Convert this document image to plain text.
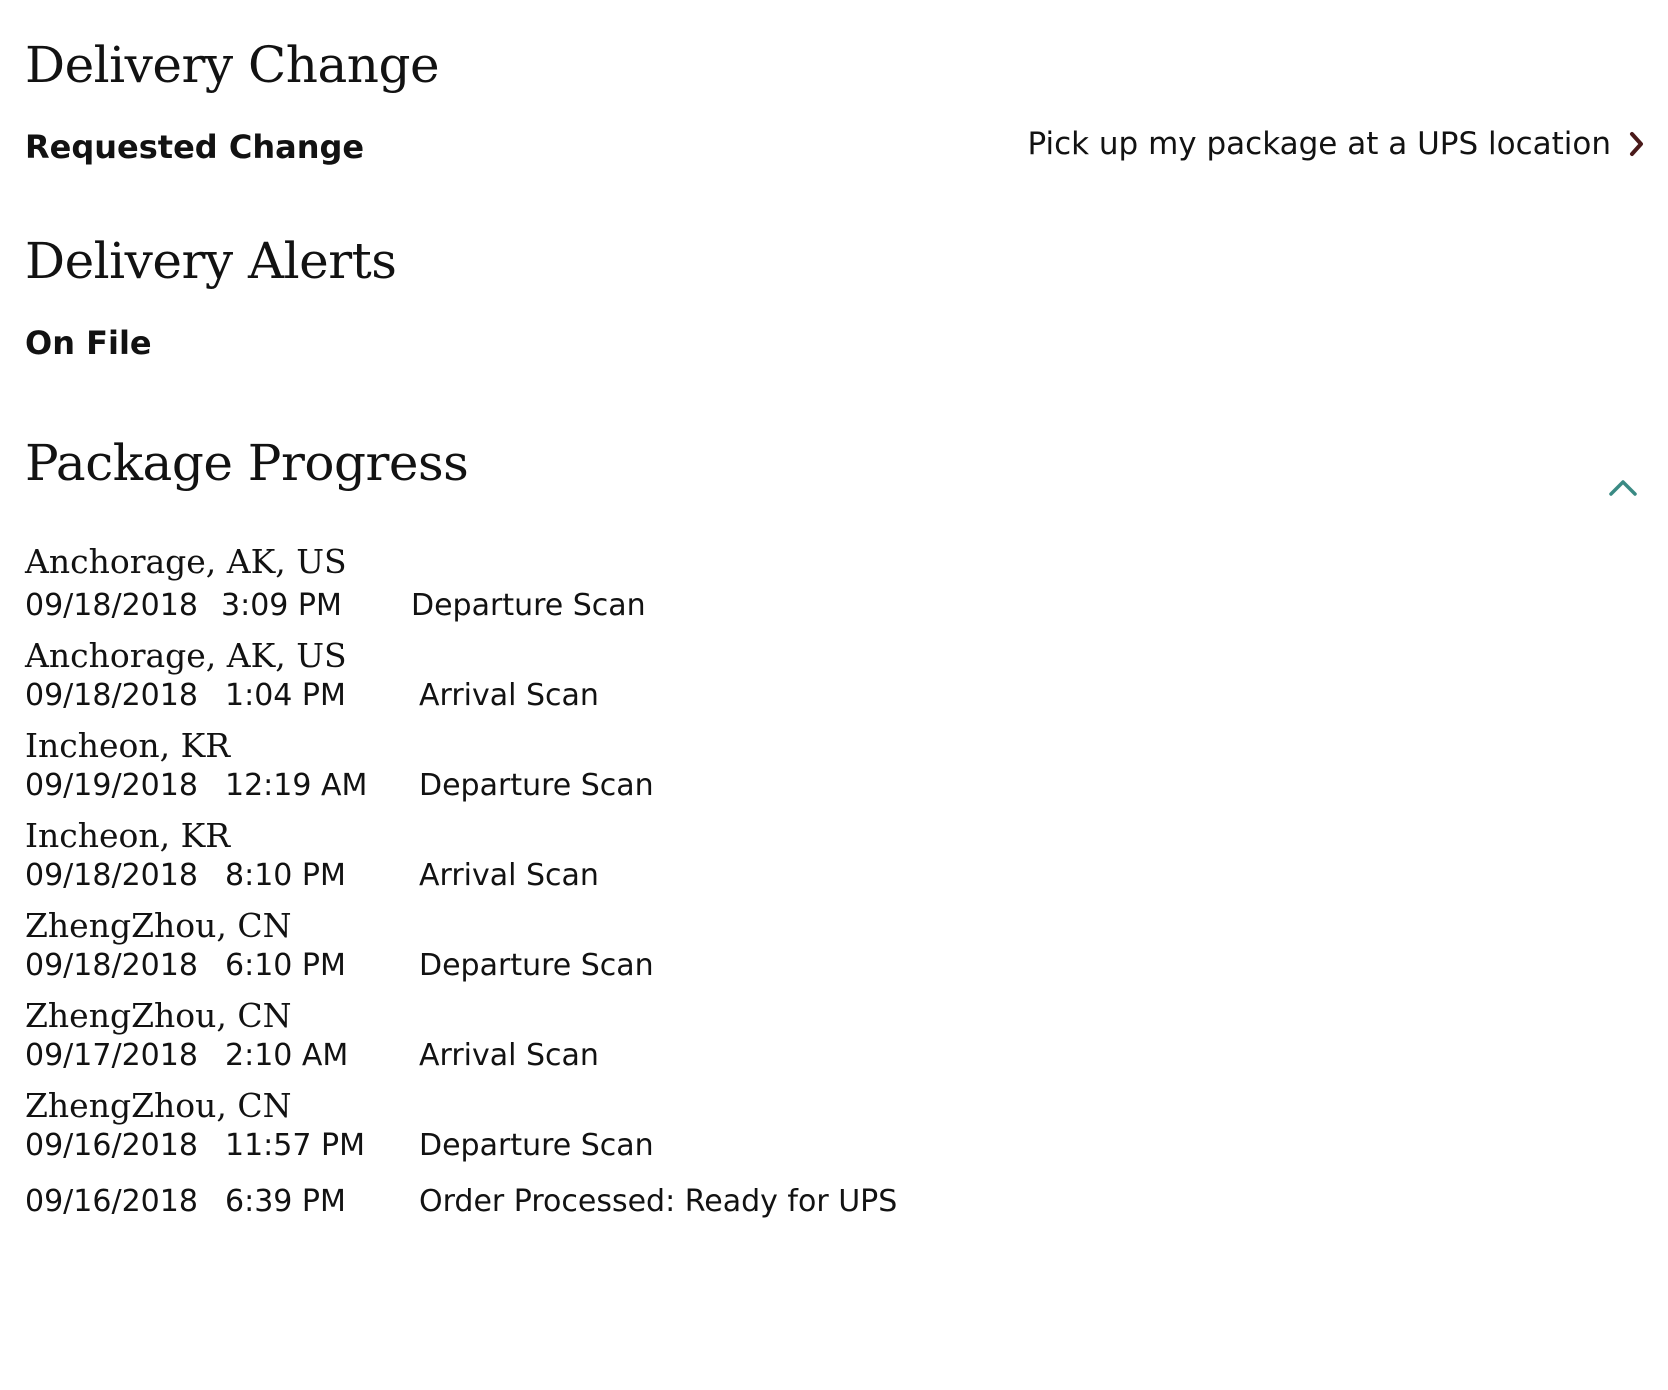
Delivery Change
Requested Change	Pick up my package at a UPS location
Delivery Alerts
On File
Package Progress
Anchorage, AK, US
09/18/2018 3:09 PM Departure Scan
Anchorage, AK, US
09/18/2018 1:04 PM Arrival Scan
Incheon, KR
09/19/2018 12:19 AM Departure Scan
Incheon, KR
09/18/2018 8:10 PM Arrival Scan
ZhengZhou, CN
09/18/2018 6:10 PM Departure Scan
ZhengZhou, CN
09/17/2018 2:10 AM Arrival Scan
ZhengZhou, CN
09/16/2018 11:57 PM Departure Scan
09/16/2018 6:39 PM Order Processed: Ready for UPS
